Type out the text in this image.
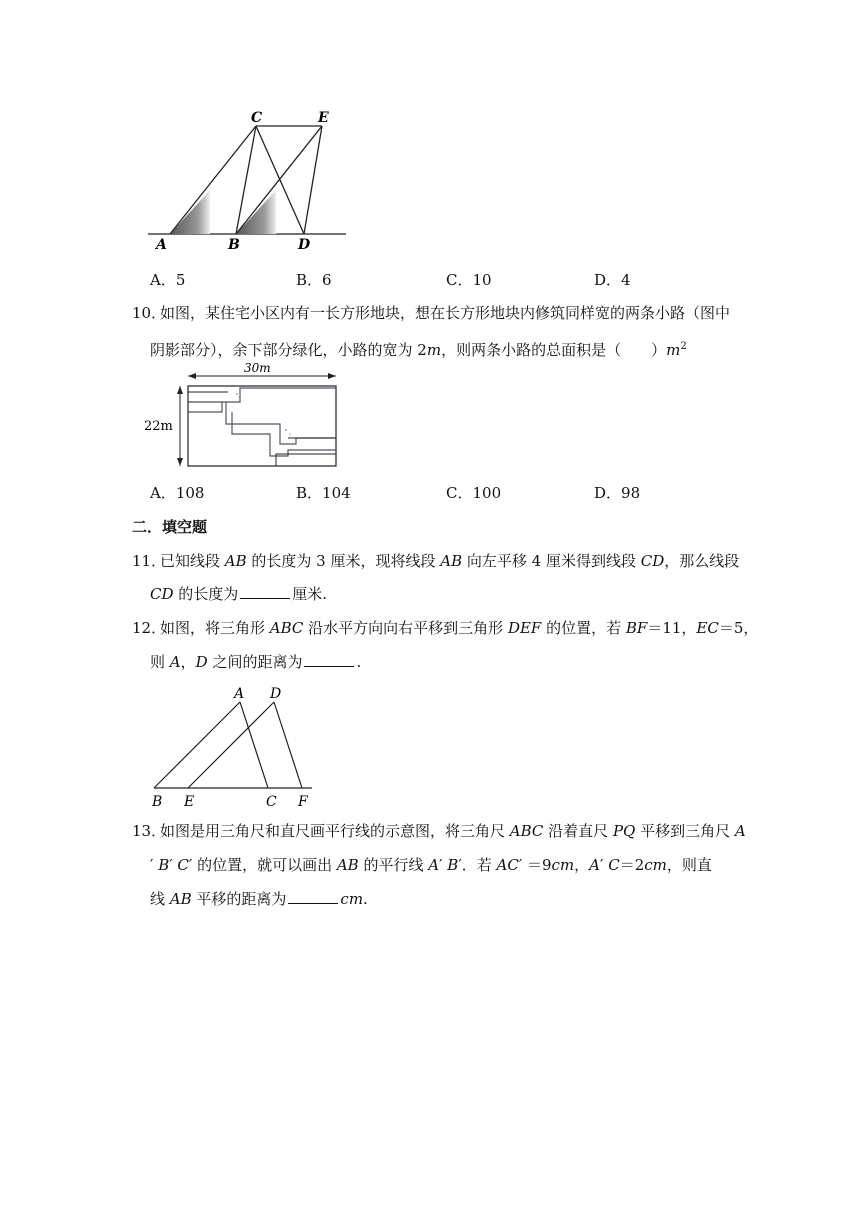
C	E
A	B	D
A．5	B．6	C．10	D．4
10．
如图，某住宅小区内有一长方形地块，想在长方形地块内修筑同样宽的两条小路（图中
阴影部分），余下部分绿化，小路的宽为 2m，则两条小路的总面积是（　　）$m^2$
30m
22m
A．108	B．104	C．100	D．98
二．填空题
11．
已知线段 AB 的长度为 3 厘米，现将线段 AB 向左平移 4 厘米得到线段 CD，那么线段
CD 的长度为	厘米.
12．
如图，将三角形 ABC 沿水平方向向右平移到三角形 DEF 的位置，若 BF＝11，EC＝5，
则 A，D 之间的距离为	.
A D
B E	C F
13．
如图是用三角尺和直尺画平行线的示意图，将三角尺 ABC 沿着直尺 PQ 平移到三角尺 A
′ B′ C′ 的位置，就可以画出 AB 的平行线 A′ B′．若 AC′ ＝9cm，A′ C＝2cm，则直
线 AB 平移的距离为	cm.
